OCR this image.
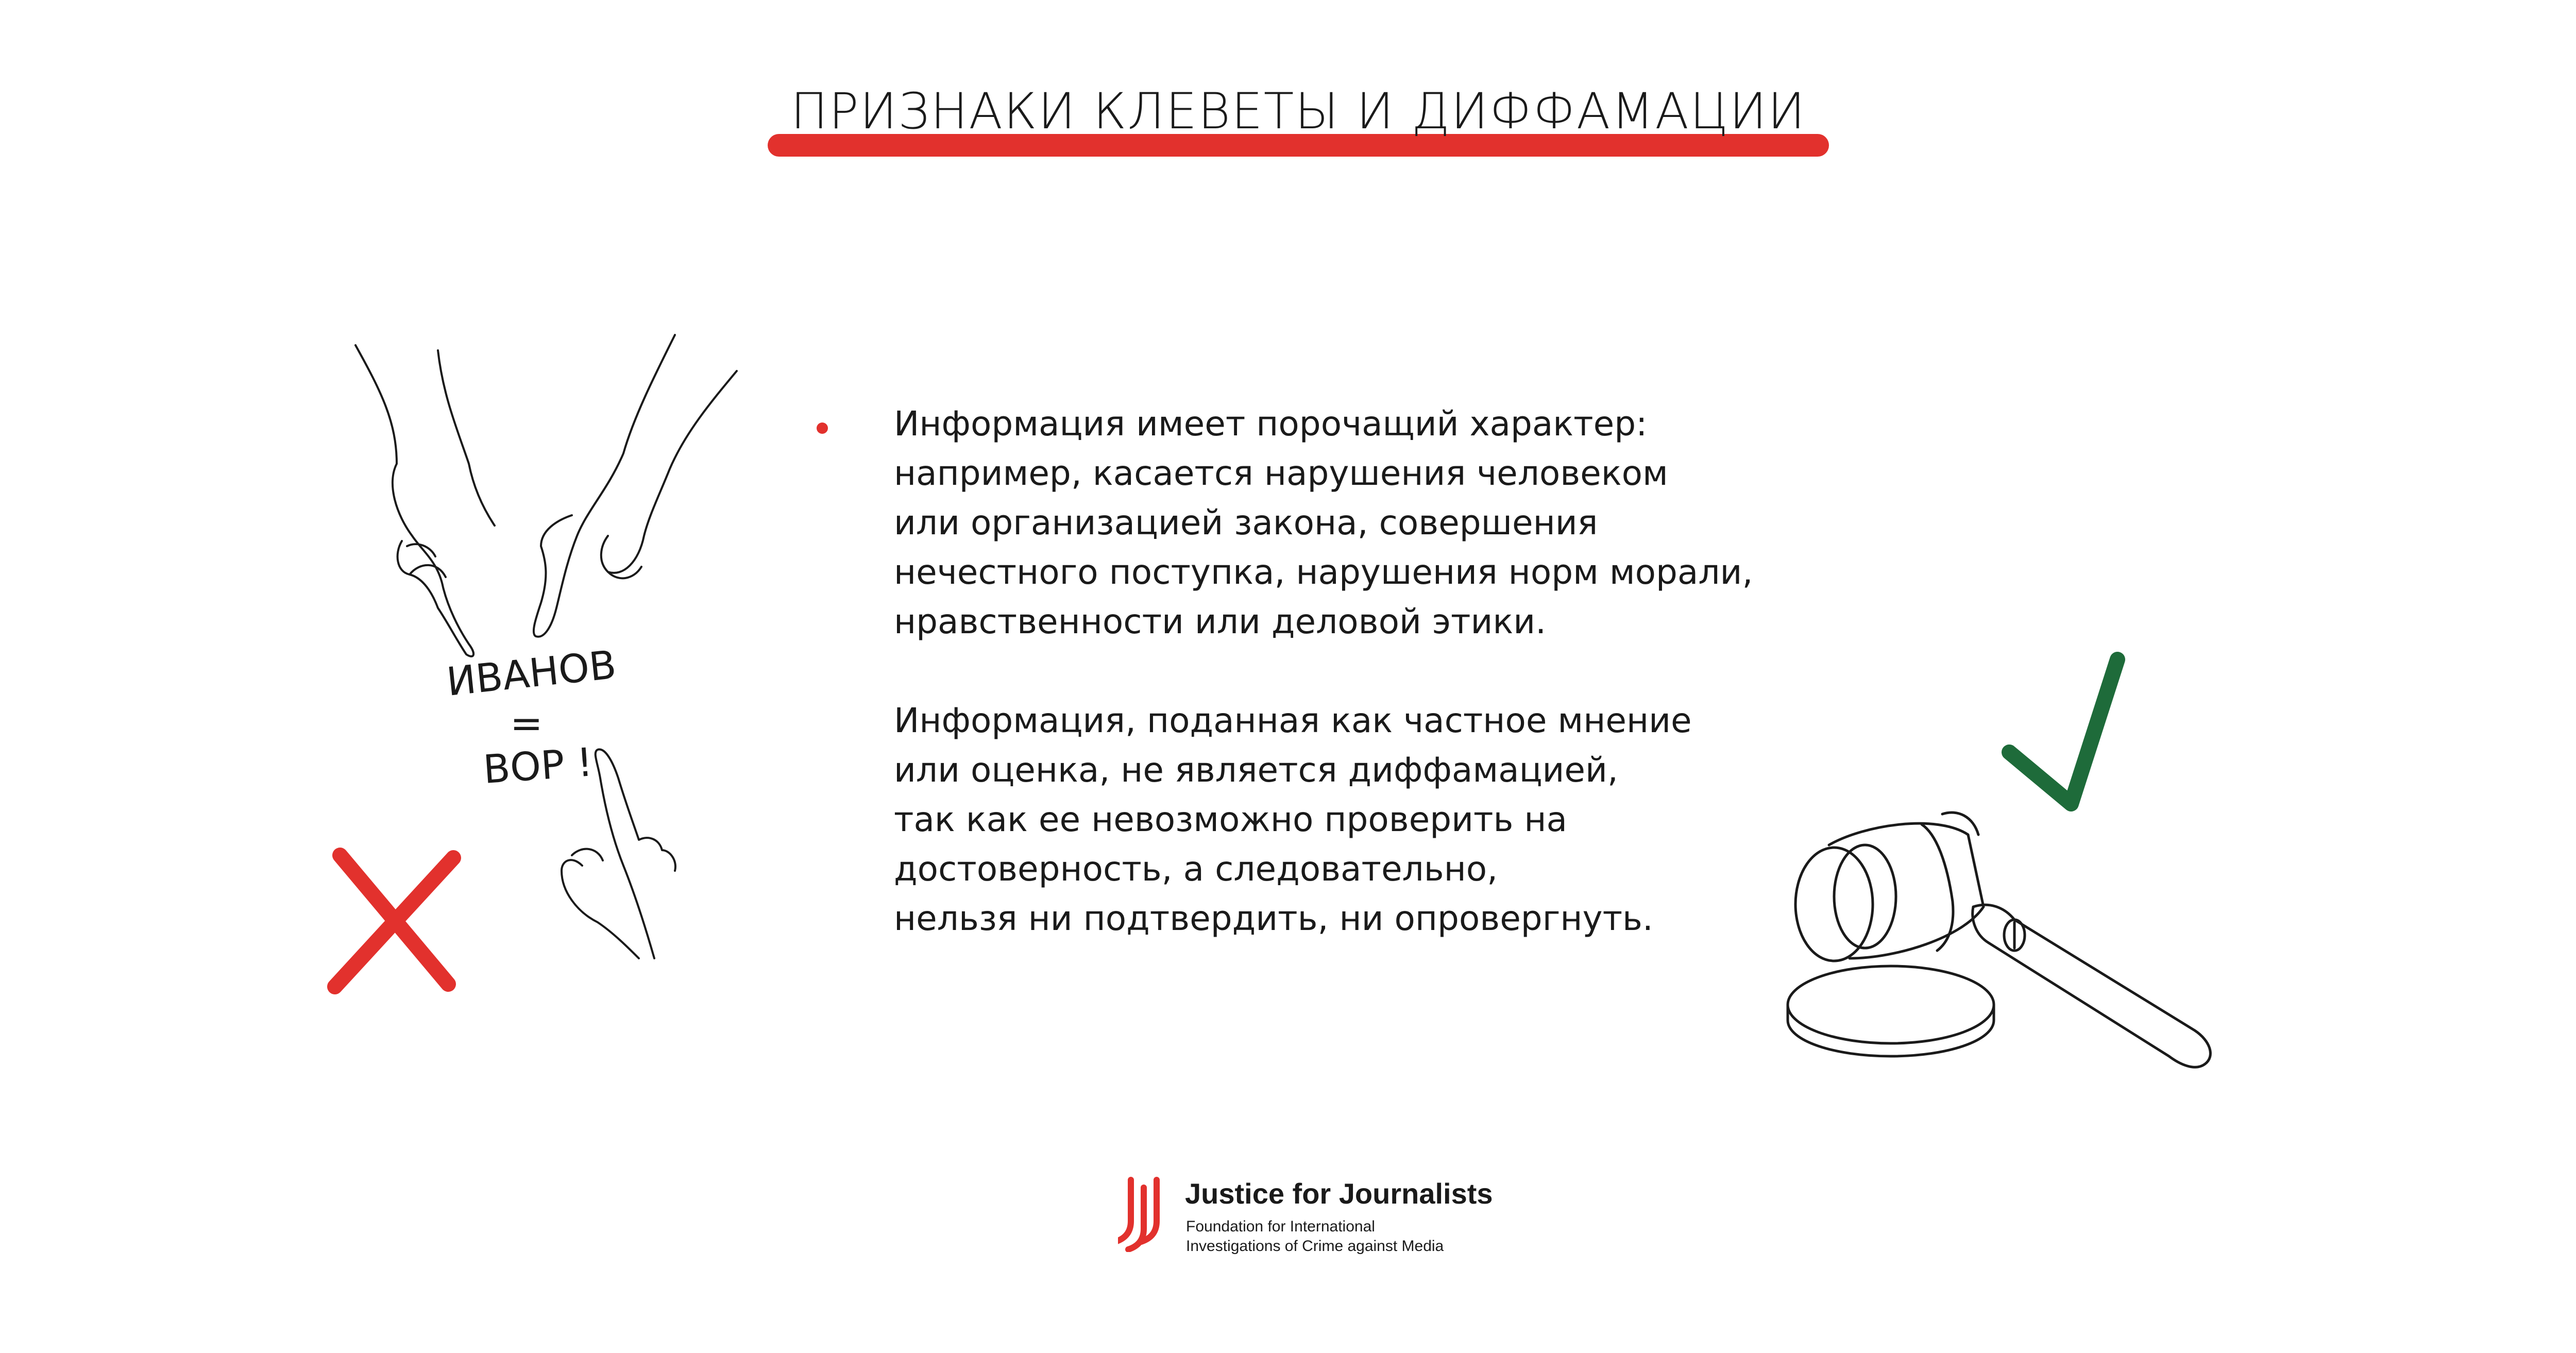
ПРИЗНАКИ КЛЕВЕТЫ И ДИФФАМАЦИИ
ИВАНОВ
=
ВОР !

Информация имеет порочащий характер:
например, касается нарушения человеком
или организацией закона, совершения
нечестного поступка, нарушения норм морали,
нравственности или деловой этики.

Информация, поданная как частное мнение
или оценка, не является диффамацией,
так как ее невозможно проверить на
достоверность, а следовательно,
нельзя ни подтвердить, ни опровергнуть.

Justice for Journalists
Foundation for International
Investigations of Crime against Media
